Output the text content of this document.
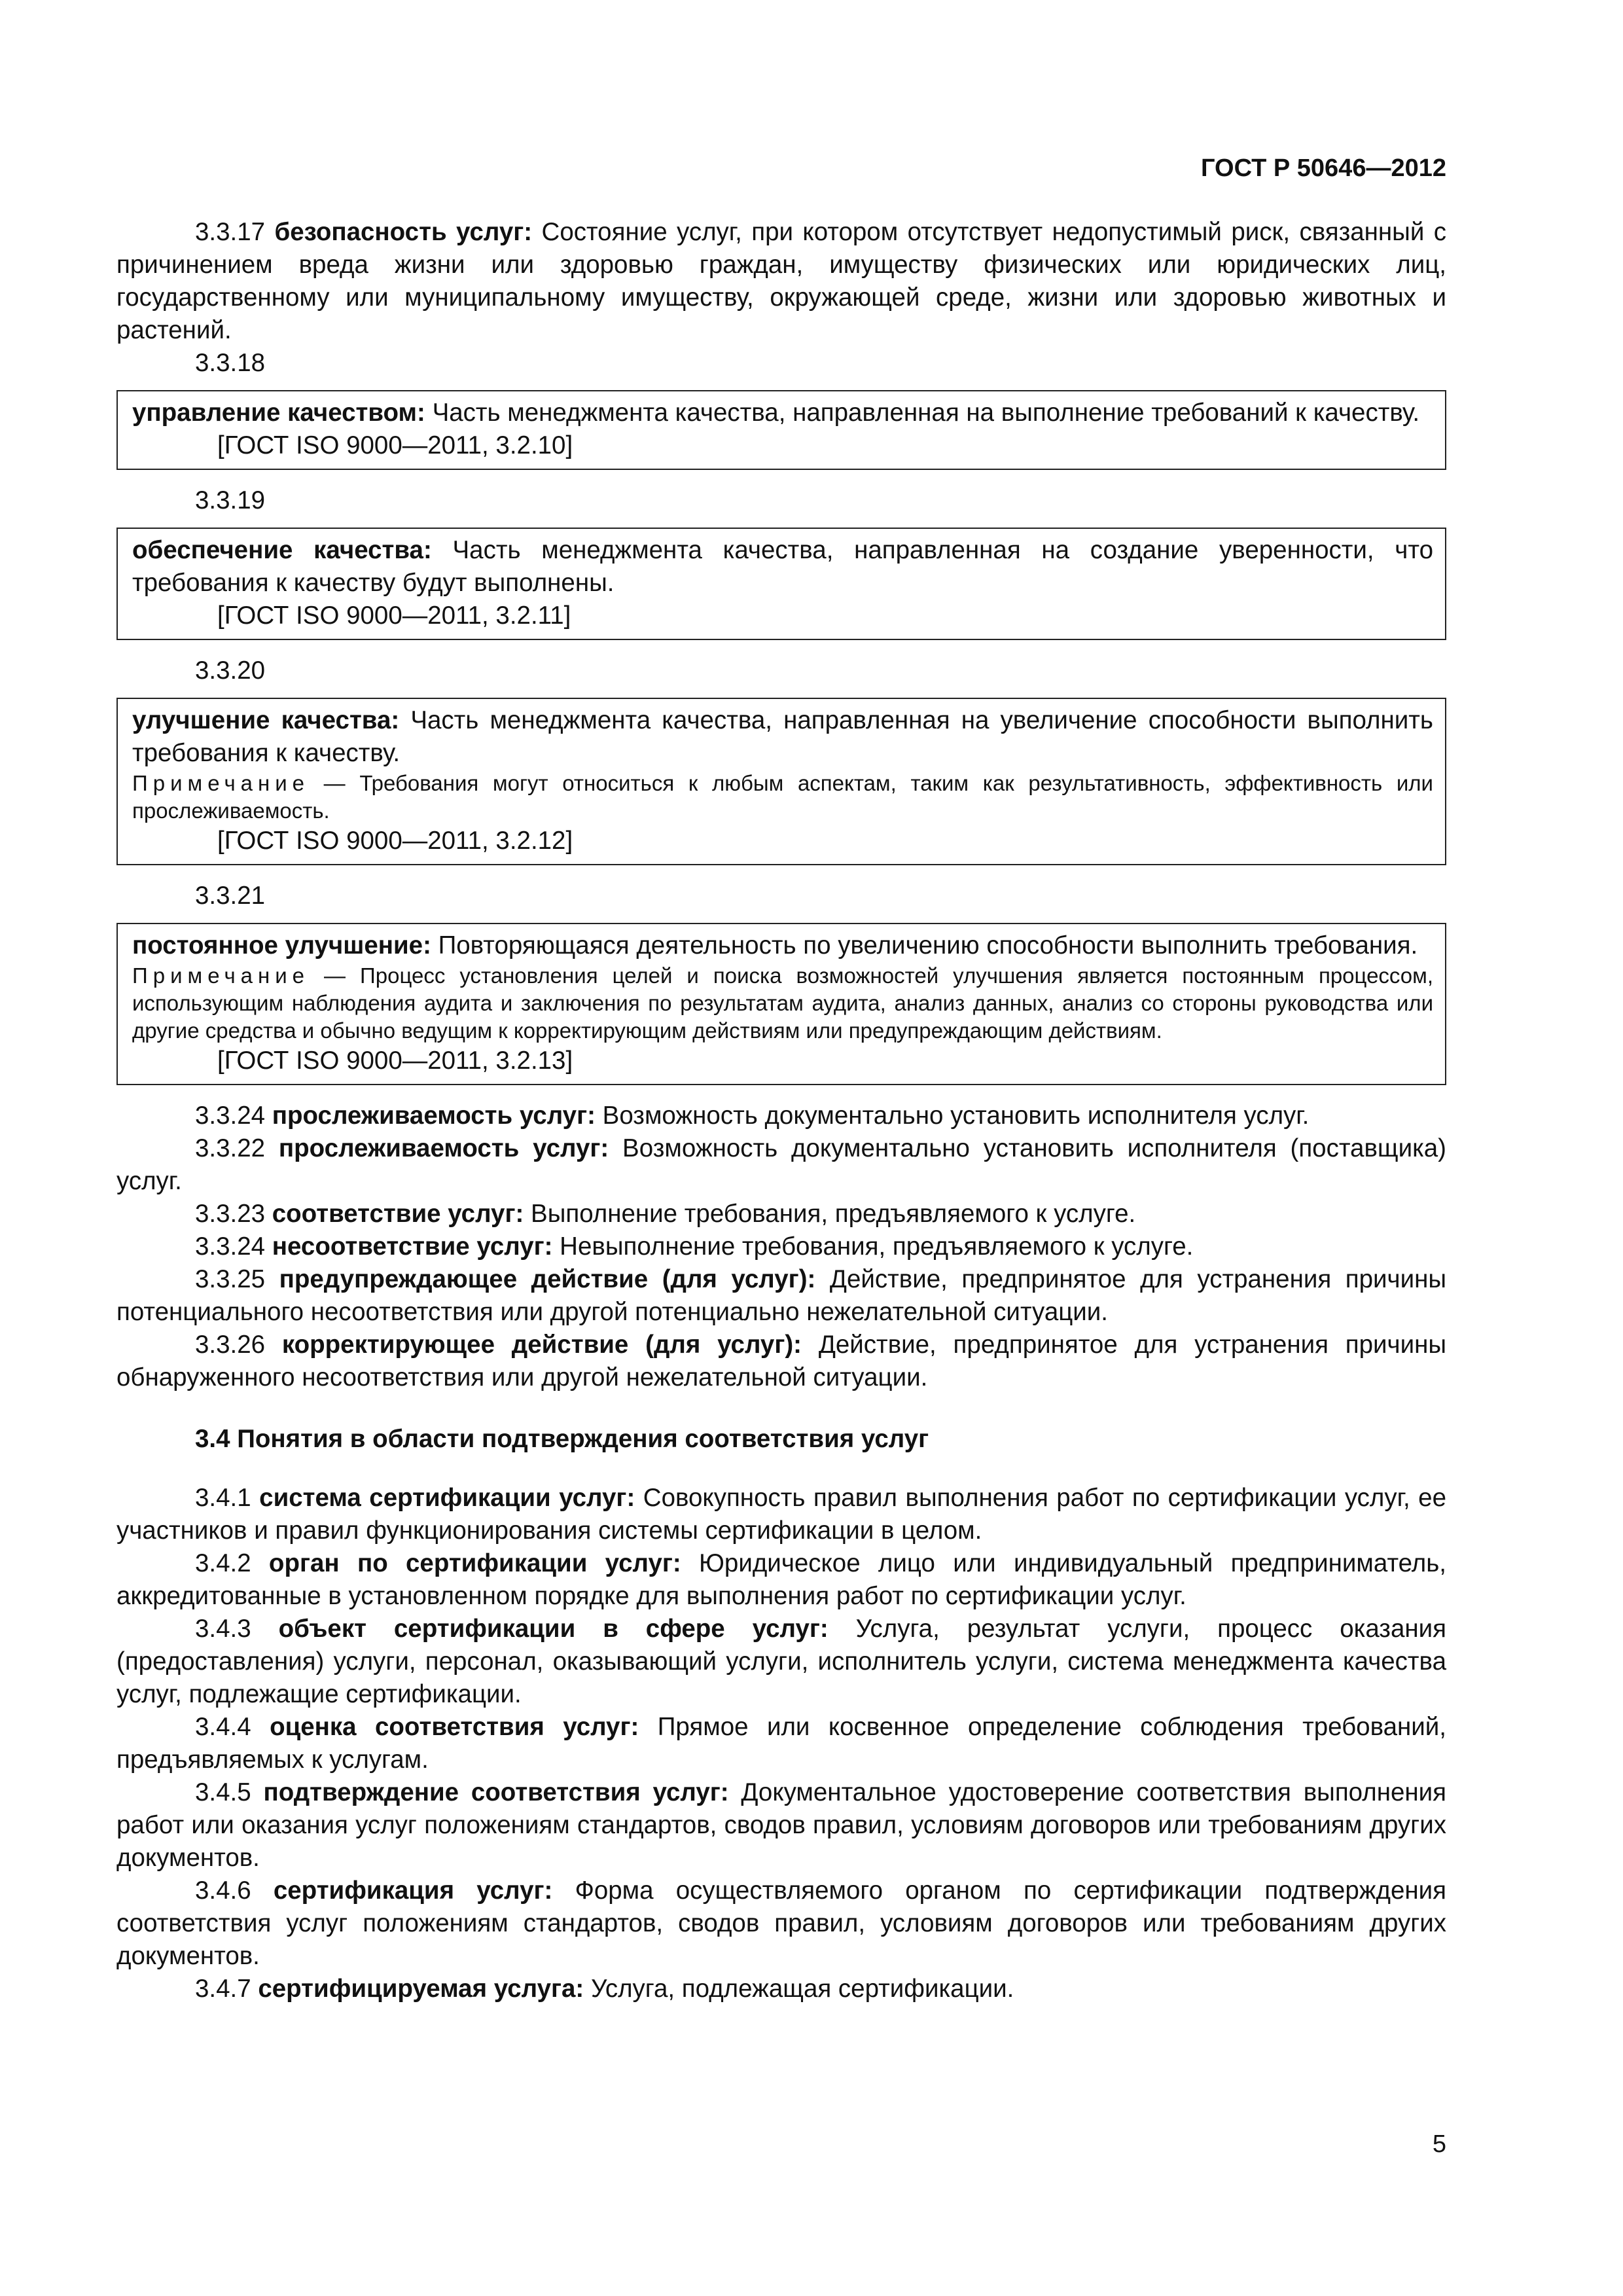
ГОСТ Р 50646—2012

3.3.17 безопасность услуг: Состояние услуг, при котором отсутствует недопустимый риск, связанный с причинением вреда жизни или здоровью граждан, имуществу физических или юридических лиц, государственному или муниципальному имуществу, окружающей среде, жизни или здоровью животных и растений.

3.3.18

управление качеством: Часть менеджмента качества, направленная на выполнение требований к качеству.

[ГОСТ ISO 9000—2011, 3.2.10]
3.3.19

обеспечение качества: Часть менеджмента качества, направленная на создание уверенности, что требования к качеству будут выполнены.

[ГОСТ ISO 9000—2011, 3.2.11]
3.3.20

улучшение качества: Часть менеджмента качества, направленная на увеличение способности выполнить требования к качеству.

Примечание — Требования могут относиться к любым аспектам, таким как результативность, эффективность или прослеживаемость.
[ГОСТ ISO 9000—2011, 3.2.12]
3.3.21

постоянное улучшение: Повторяющаяся деятельность по увеличению способности выполнить требования.

Примечание — Процесс установления целей и поиска возможностей улучшения является постоянным процессом, использующим наблюдения аудита и заключения по результатам аудита, анализ данных, анализ со стороны руководства или другие средства и обычно ведущим к корректирующим действиям или предупреждающим действиям.
[ГОСТ ISO 9000—2011, 3.2.13]

3.3.24 прослеживаемость услуг: Возможность документально установить исполнителя услуг.

3.3.22 прослеживаемость услуг: Возможность документально установить исполнителя (поставщика) услуг.

3.3.23 соответствие услуг: Выполнение требования, предъявляемого к услуге.

3.3.24 несоответствие услуг: Невыполнение требования, предъявляемого к услуге.

3.3.25 предупреждающее действие (для услуг): Действие, предпринятое для устранения причины потенциального несоответствия или другой потенциально нежелательной ситуации.

3.3.26 корректирующее действие (для услуг): Действие, предпринятое для устранения причины обнаруженного несоответствия или другой нежелательной ситуации.

3.4 Понятия в области подтверждения соответствия услуг

3.4.1 система сертификации услуг: Совокупность правил выполнения работ по сертификации услуг, ее участников и правил функционирования системы сертификации в целом.

3.4.2 орган по сертификации услуг: Юридическое лицо или индивидуальный предприниматель, аккредитованные в установленном порядке для выполнения работ по сертификации услуг.

3.4.3 объект сертификации в сфере услуг: Услуга, результат услуги, процесс оказания (предоставления) услуги, персонал, оказывающий услуги, исполнитель услуги, система менеджмента качества услуг, подлежащие сертификации.

3.4.4 оценка соответствия услуг: Прямое или косвенное определение соблюдения требований, предъявляемых к услугам.

3.4.5 подтверждение соответствия услуг: Документальное удостоверение соответствия выполнения работ или оказания услуг положениям стандартов, сводов правил, условиям договоров или требованиям других документов.

3.4.6 сертификация услуг: Форма осуществляемого органом по сертификации подтверждения соответствия услуг положениям стандартов, сводов правил, условиям договоров или требованиям других документов.

3.4.7 сертифицируемая услуга: Услуга, подлежащая сертификации.

5
